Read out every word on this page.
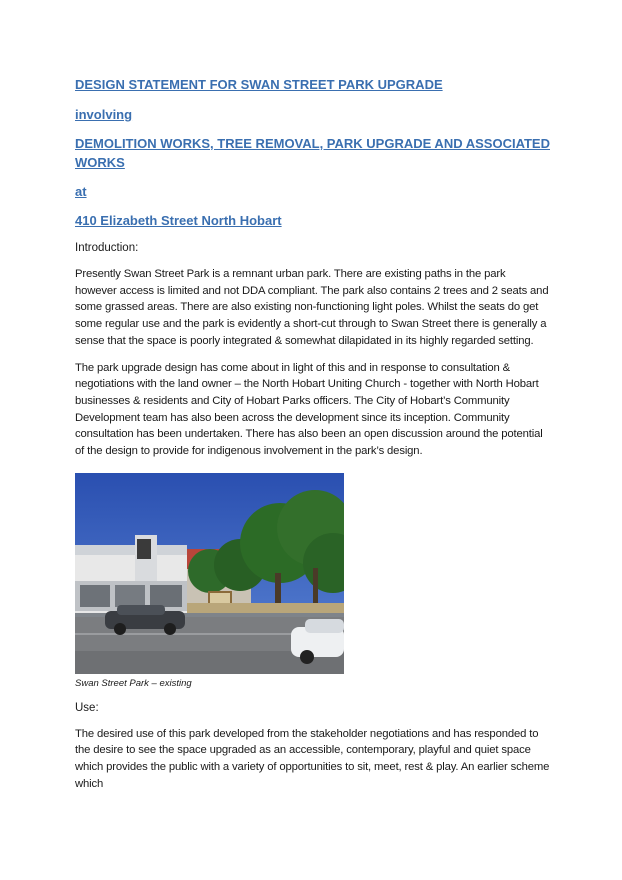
DESIGN STATEMENT FOR SWAN STREET PARK UPGRADE

involving

DEMOLITION WORKS, TREE REMOVAL, PARK UPGRADE AND ASSOCIATED WORKS

at

410 Elizabeth Street North Hobart

Introduction:

Presently Swan Street Park is a remnant urban park. There are existing paths in the park however access is limited and not DDA compliant. The park also contains 2 trees and 2 seats and some grassed areas. There are also existing non-functioning light poles. Whilst the seats do get some regular use and the park is evidently a short-cut through to Swan Street there is generally a sense that the space is poorly integrated & somewhat dilapidated in its highly regarded setting.

The park upgrade design has come about in light of this and in response to consultation & negotiations with the land owner – the North Hobart Uniting Church - together with North Hobart businesses & residents and City of Hobart Parks officers. The City of Hobart’s Community Development team has also been across the development since its inception. Community consultation has been undertaken. There has also been an open discussion around the potential of the design to provide for indigenous involvement in the park’s design.

Swan Street Park – existing

Use:

The desired use of this park developed from the stakeholder negotiations and has responded to the desire to see the space upgraded as an accessible, contemporary, playful and quiet space which provides the public with a variety of opportunities to sit, meet, rest & play. An earlier scheme which
